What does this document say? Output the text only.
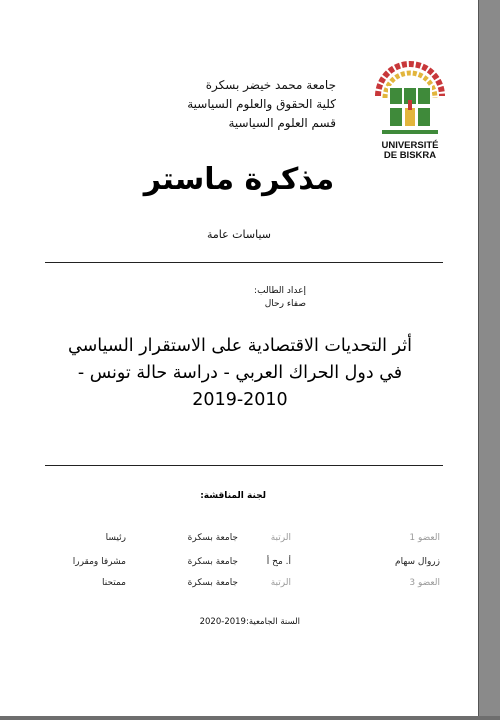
UNIVERSITÉ
DE BISKRA
جامعة محمد خيضر بسكرة
كلية الحقوق والعلوم السياسية
قسم العلوم السياسية
مذكرة ماستر
سياسات عامة
إعداد الطالب:
صفاء رحال
أثر التحديات الاقتصادية على الاستقرار السياسي
في دول الحراك العربي - دراسة حالة تونس -
2019-2010
لجنة المناقشة:
العضو 1
الرتبة
جامعة بسكرة
رئيسا
زروال سهام
أ. مح أ
جامعة بسكرة
مشرفا ومقررا
العضو 3
الرتبة
جامعة بسكرة
ممتحنا
السنة الجامعية:2019-2020
